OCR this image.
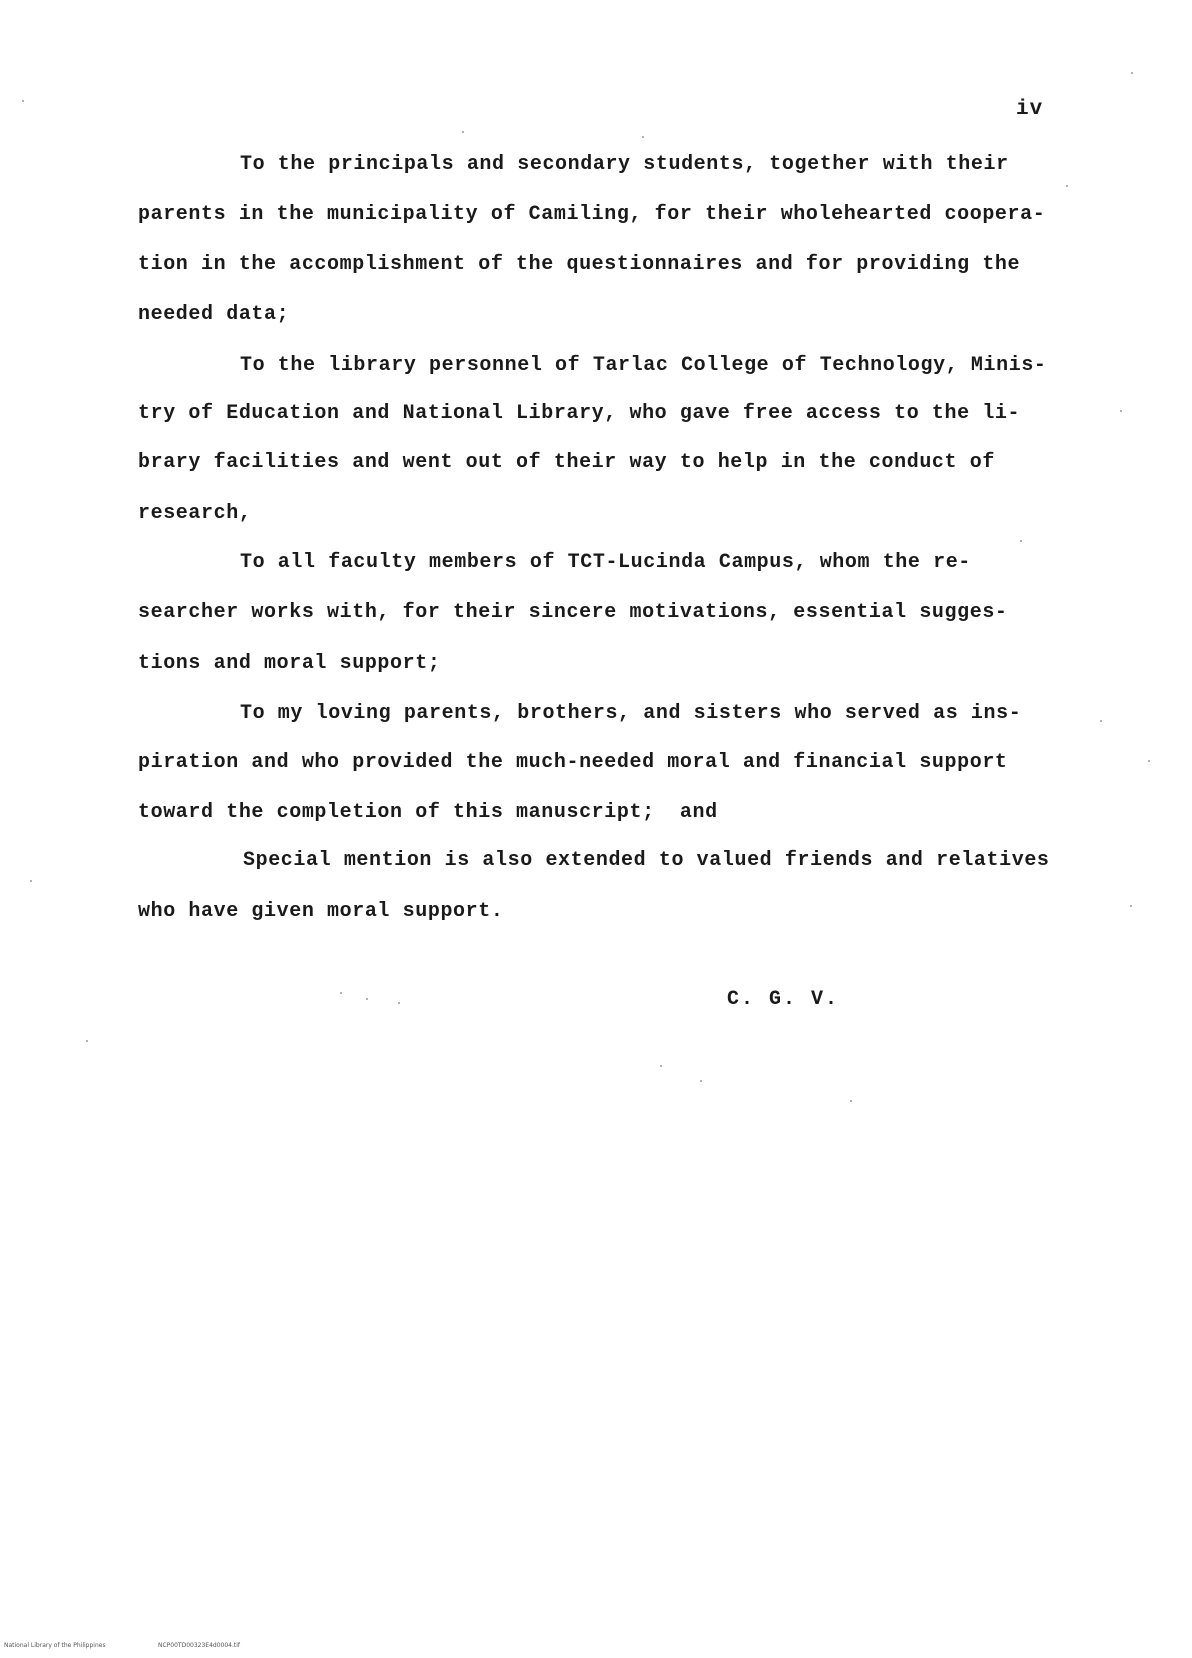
iv
To the principals and secondary students, together with their
parents in the municipality of Camiling, for their wholehearted coopera-
tion in the accomplishment of the questionnaires and for providing the
needed data;
To the library personnel of Tarlac College of Technology, Minis-
try of Education and National Library, who gave free access to the li-
brary facilities and went out of their way to help in the conduct of
research,
To all faculty members of TCT-Lucinda Campus, whom the re-
searcher works with, for their sincere motivations, essential sugges-
tions and moral support;
To my loving parents, brothers, and sisters who served as ins-
piration and who provided the much-needed moral and financial support
toward the completion of this manuscript;  and
Special mention is also extended to valued friends and relatives
who have given moral support.
C. G. V.
National Library of the Philippines	NCP00TD00323E4d0004.tif
